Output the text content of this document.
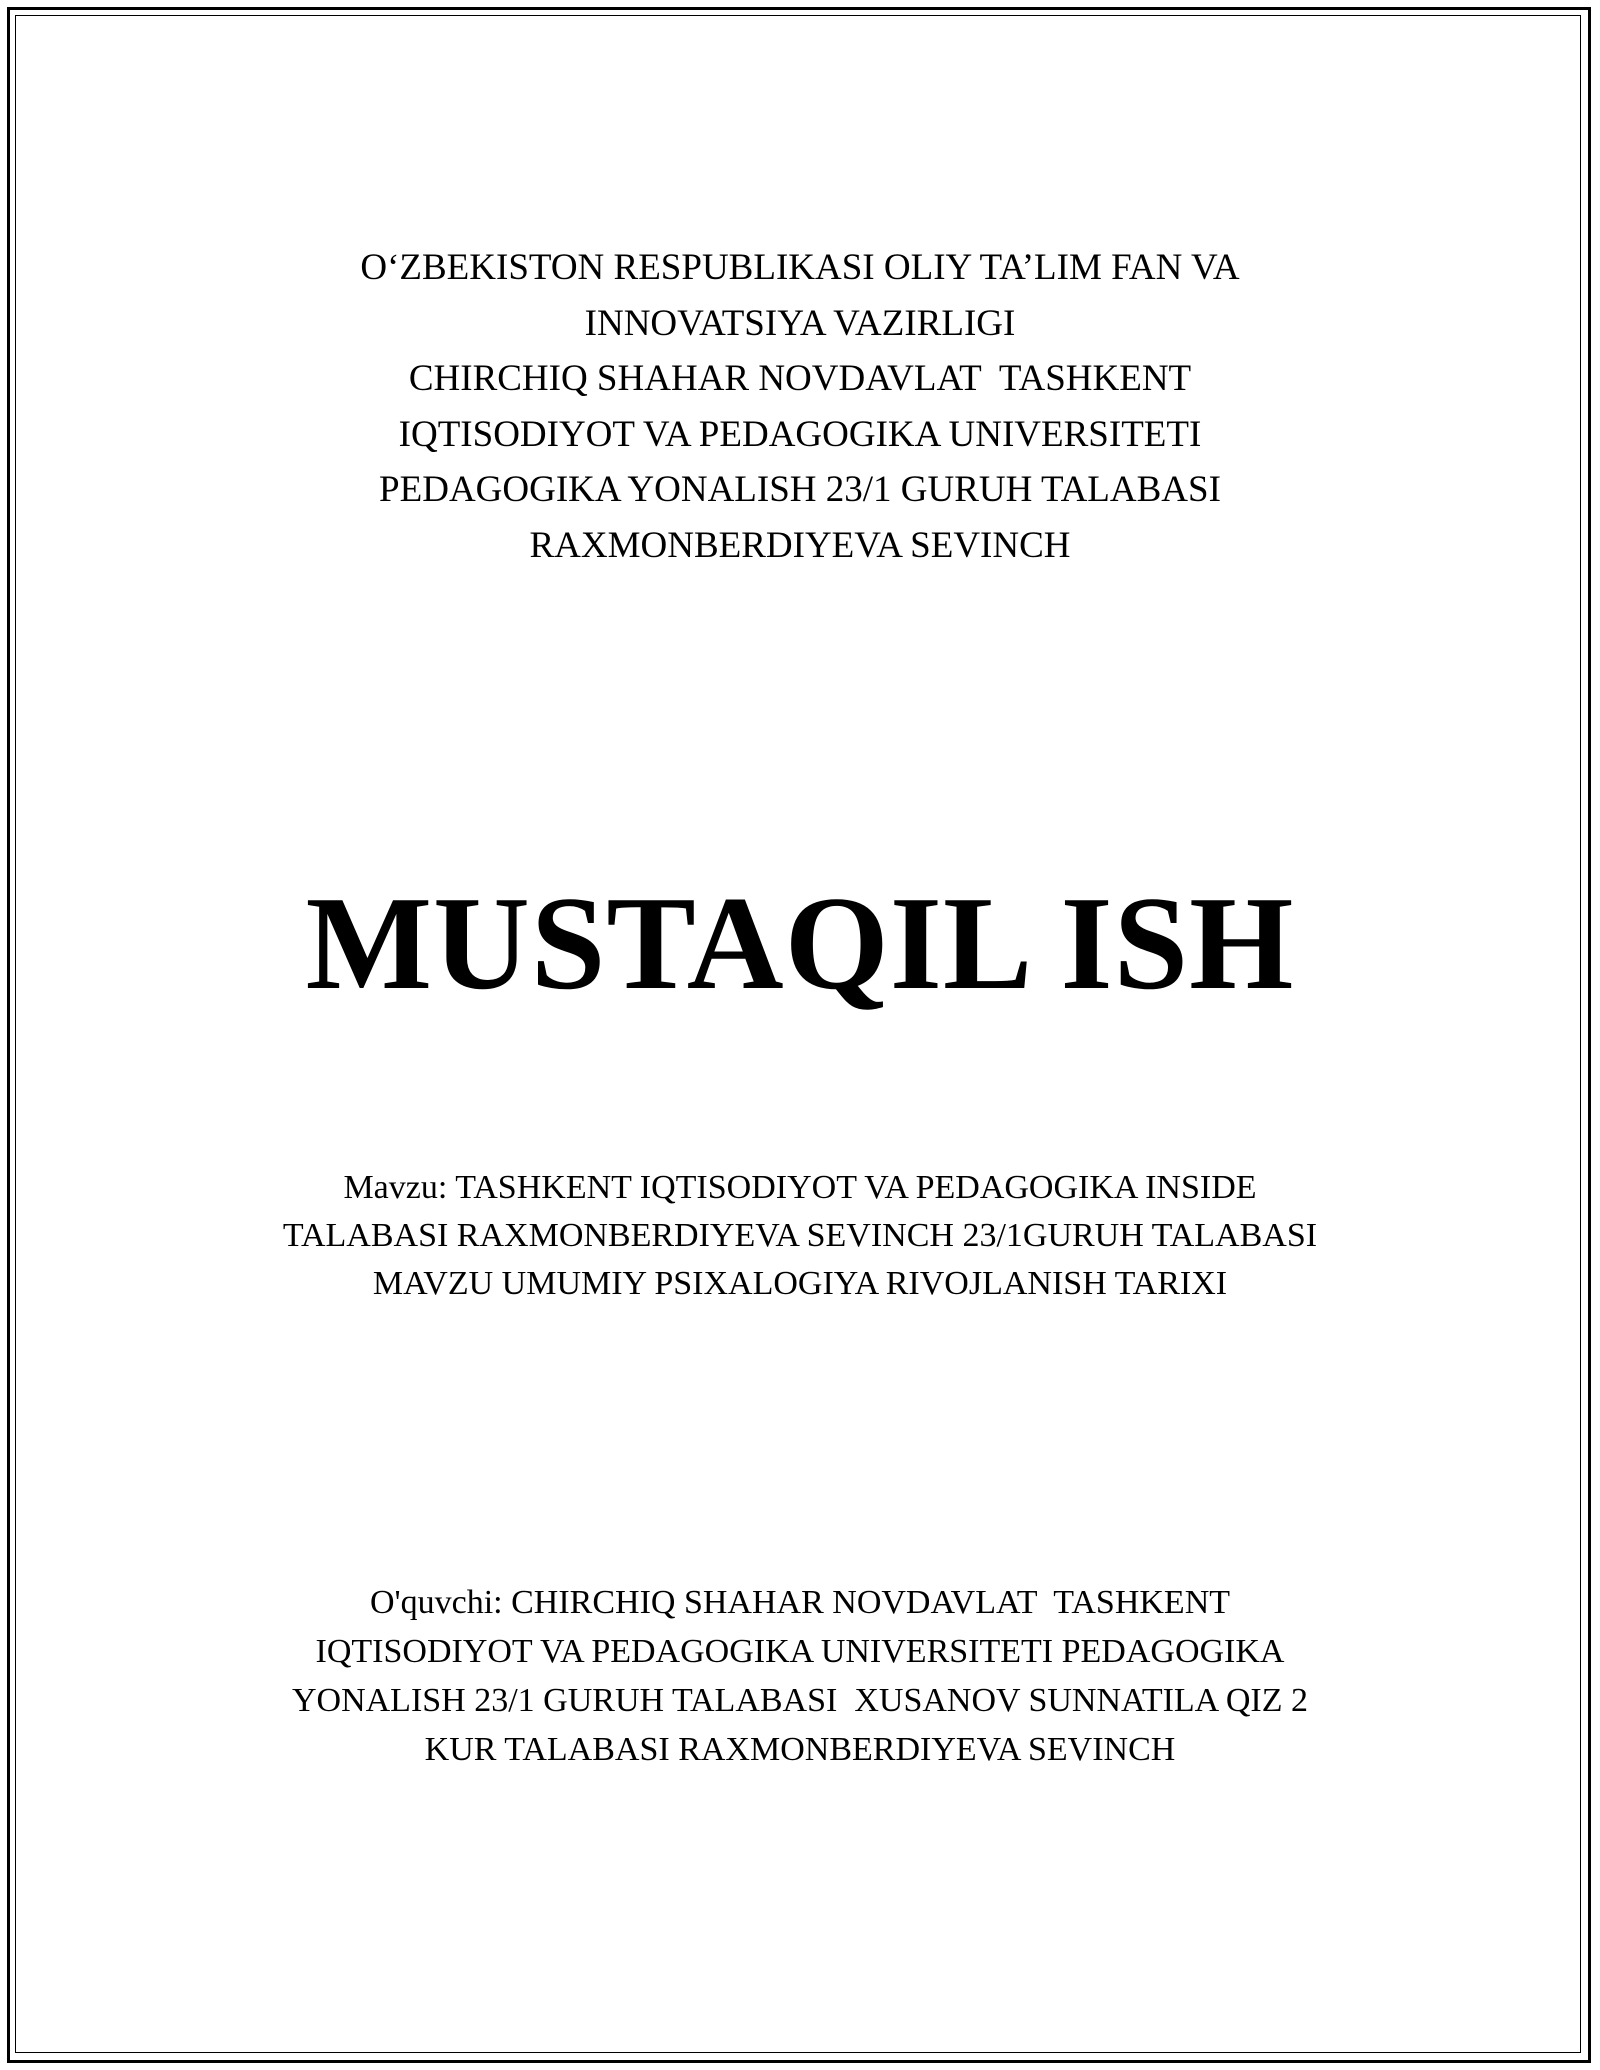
O‘ZBEKISTON RESPUBLIKASI OLIY TA’LIM FAN VA
INNOVATSIYA VAZIRLIGI
CHIRCHIQ SHAHAR NOVDAVLAT  TASHKENT
IQTISODIYOT VA PEDAGOGIKA UNIVERSITETI
PEDAGOGIKA YONALISH 23/1 GURUH TALABASI
RAXMONBERDIYEVA SEVINCH
MUSTAQIL ISH
Mavzu: TASHKENT IQTISODIYOT VA PEDAGOGIKA INSIDE
TALABASI RAXMONBERDIYEVA SEVINCH 23/1GURUH TALABASI
MAVZU UMUMIY PSIXALOGIYA RIVOJLANISH TARIXI
O'quvchi: CHIRCHIQ SHAHAR NOVDAVLAT  TASHKENT
IQTISODIYOT VA PEDAGOGIKA UNIVERSITETI PEDAGOGIKA
YONALISH 23/1 GURUH TALABASI  XUSANOV SUNNATILA QIZ 2
KUR TALABASI RAXMONBERDIYEVA SEVINCH
